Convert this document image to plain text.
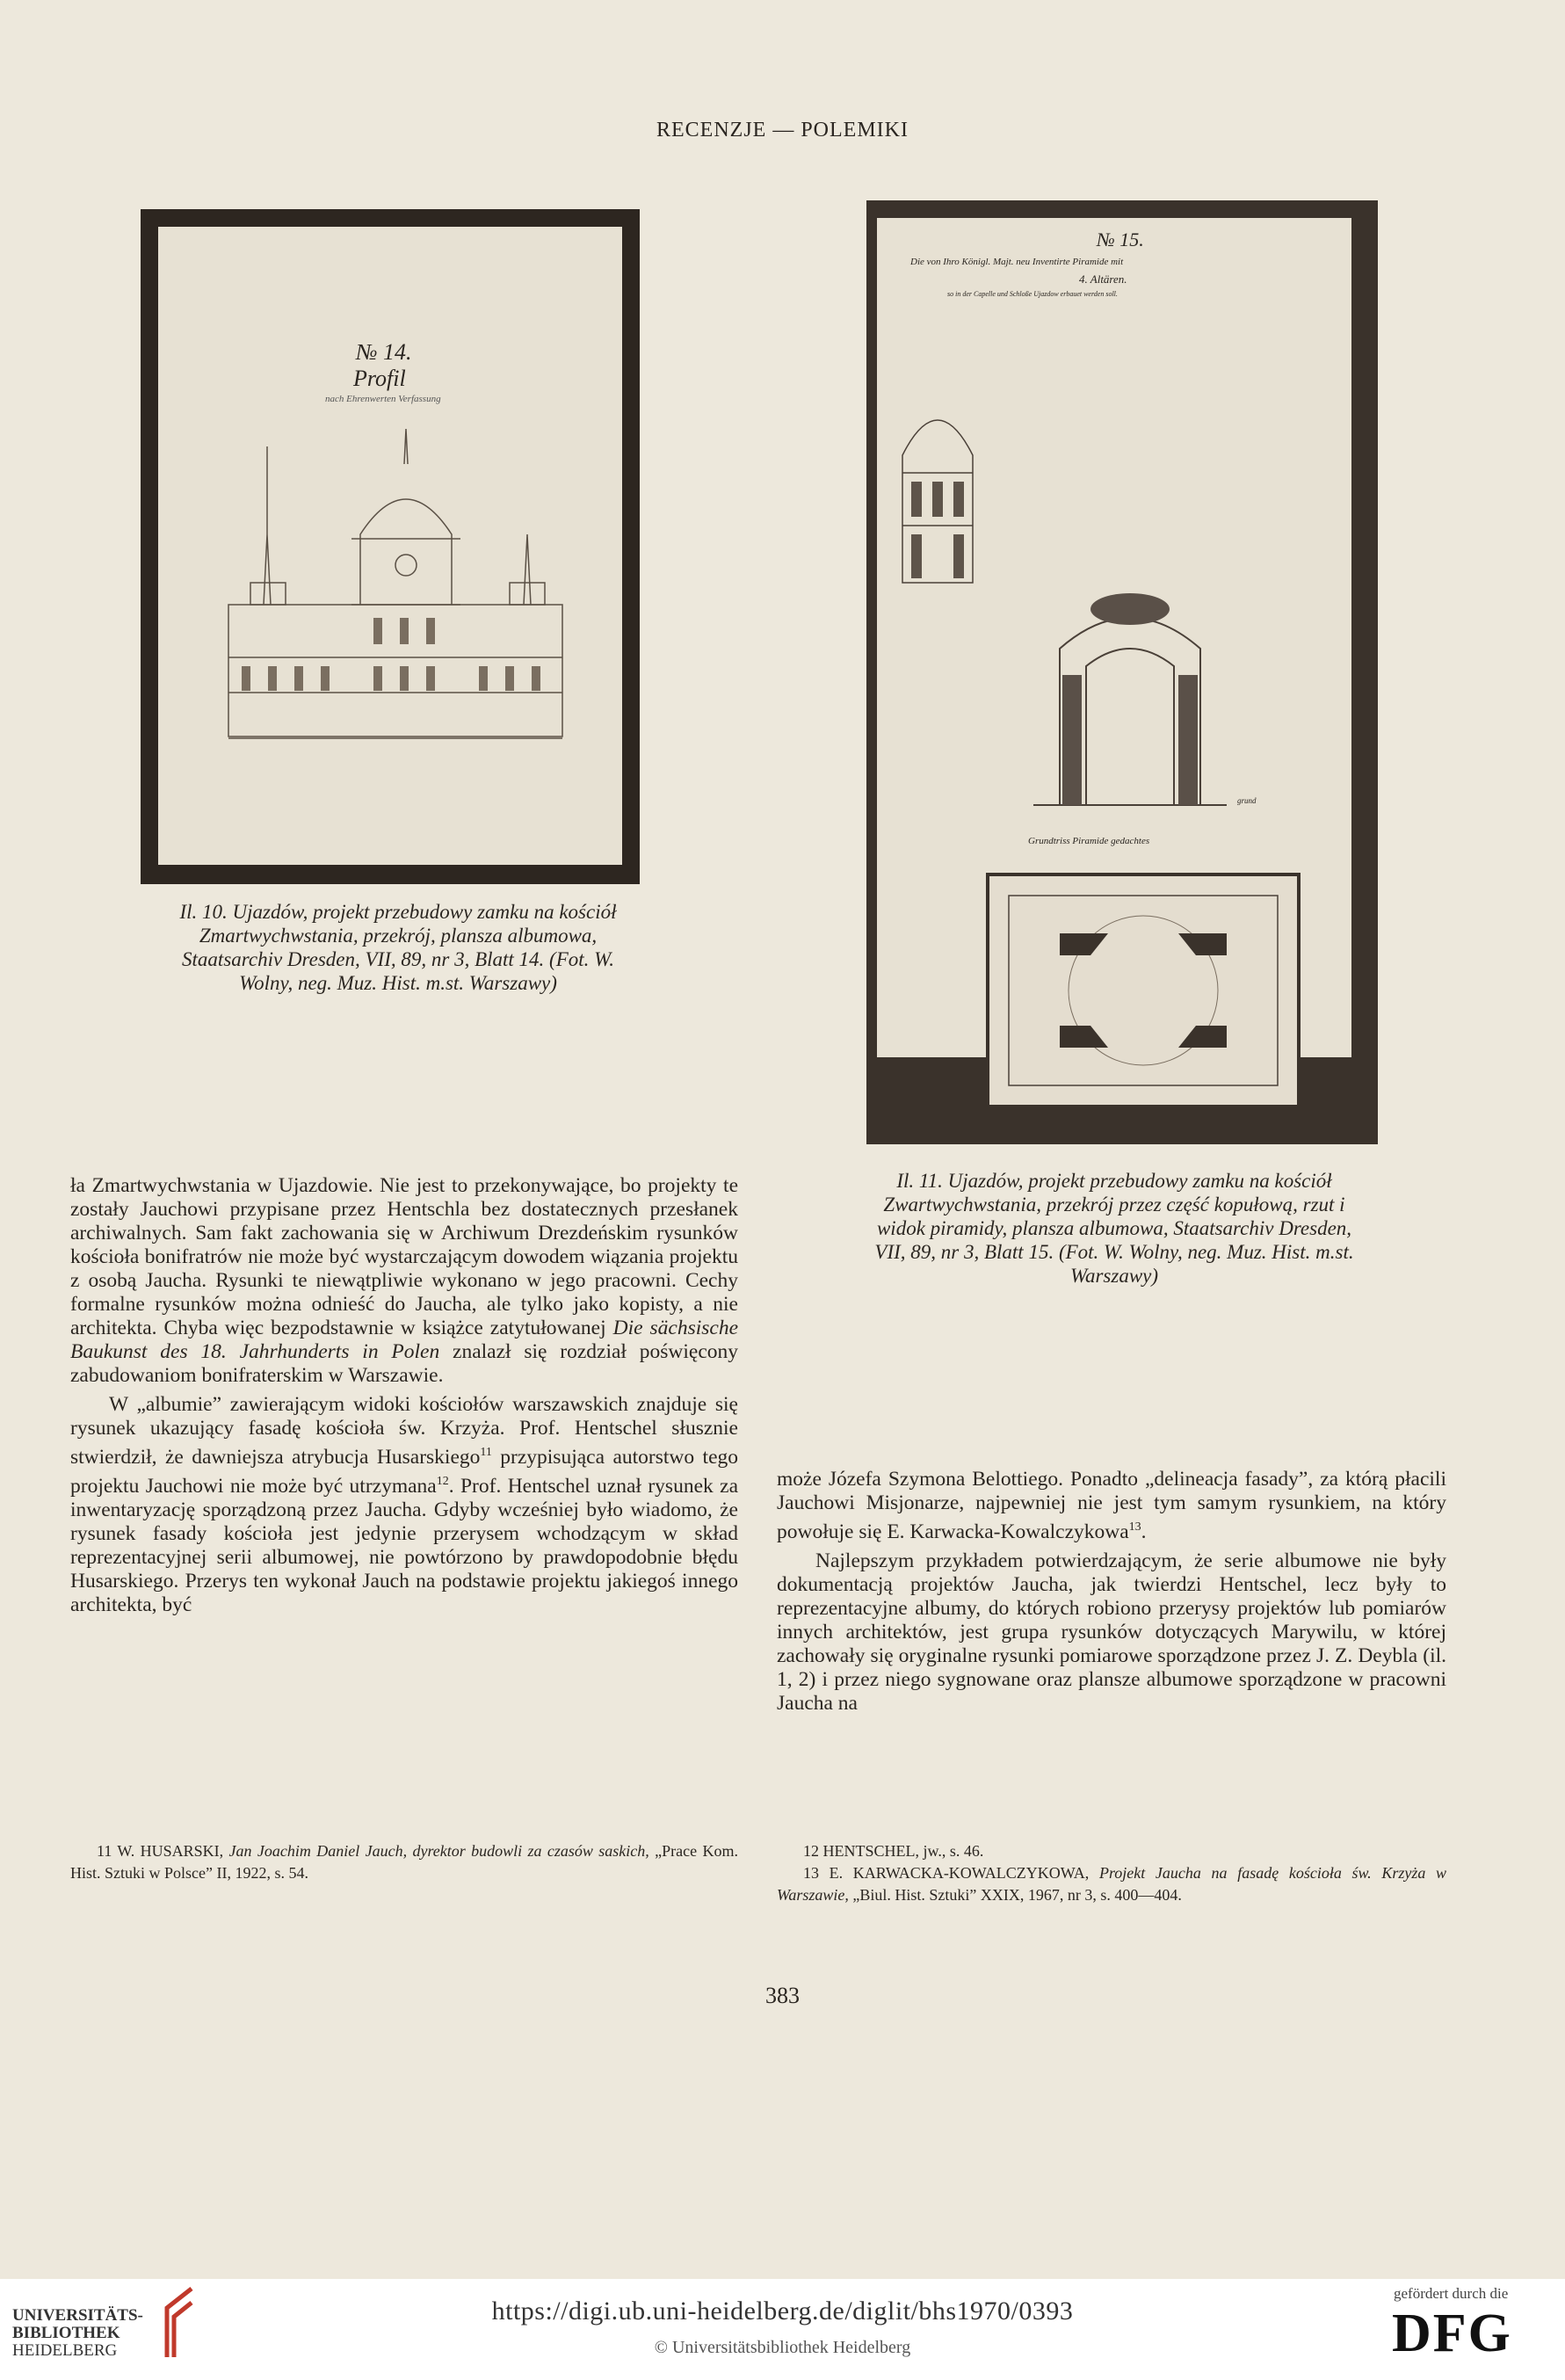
RECENZJE — POLEMIKI
№ 14.
Profil
nach Ehrenwerten Verfassung
Il. 10. Ujazdów, projekt przebudowy zamku na kościół Zmartwychwstania, przekrój, plansza albumowa, Staatsarchiv Dresden, VII, 89, nr 3, Blatt 14. (Fot. W. Wolny, neg. Muz. Hist. m.st. Warszawy)
№ 15.
Die von Ihro Königl. Majt. neu Inventirte Piramide mit
4. Altären.
so in der Capelle und Schloße Ujazdow erbauet werden soll.
grund
Grundtriss Piramide gedachtes
Il. 11. Ujazdów, projekt przebudowy zamku na kościół Zwartwychwstania, przekrój przez część kopułową, rzut i widok piramidy, plansza albumowa, Staatsarchiv Dresden, VII, 89, nr 3, Blatt 15. (Fot. W. Wolny, neg. Muz. Hist. m.st. Warszawy)

ła Zmartwychwstania w Ujazdowie. Nie jest to przekonywające, bo projekty te zostały Jauchowi przypisane przez Hentschla bez dostatecznych przesłanek archiwalnych. Sam fakt zachowania się w Archiwum Drezdeńskim rysunków kościoła bonifratrów nie może być wystarczającym dowodem wiązania projektu z osobą Jaucha. Rysunki te niewątpliwie wykonano w jego pracowni. Cechy formalne rysunków można odnieść do Jaucha, ale tylko jako kopisty, a nie architekta. Chyba więc bezpodstawnie w książce zatytułowanej Die sächsische Baukunst des 18. Jahrhunderts in Polen znalazł się rozdział poświęcony zabudowaniom bonifraterskim w Warszawie.

W „albumie” zawierającym widoki kościołów warszawskich znajduje się rysunek ukazujący fasadę kościoła św. Krzyża. Prof. Hentschel słusznie stwierdził, że dawniejsza atrybucja Husarskiego$^{11}$ przypisująca autorstwo tego projektu Jauchowi nie może być utrzymana$^{12}$. Prof. Hentschel uznał rysunek za inwentaryzację sporządzoną przez Jaucha. Gdyby wcześniej było wiadomo, że rysunek fasady kościoła jest jedynie przerysem wchodzącym w skład reprezentacyjnej serii albumowej, nie powtórzono by prawdopodobnie błędu Husarskiego. Przerys ten wykonał Jauch na podstawie projektu jakiegoś innego architekta, być

może Józefa Szymona Belottiego. Ponadto „delineacja fasady”, za którą płacili Jauchowi Misjonarze, najpewniej nie jest tym samym rysunkiem, na który powołuje się E. Karwacka-Kowalczykowa$^{13}$.

Najlepszym przykładem potwierdzającym, że serie albumowe nie były dokumentacją projektów Jaucha, jak twierdzi Hentschel, lecz były to reprezentacyjne albumy, do których robiono przerysy projektów lub pomiarów innych architektów, jest grupa rysunków dotyczących Marywilu, w której zachowały się oryginalne rysunki pomiarowe sporządzone przez J. Z. Deybla (il. 1, 2) i przez niego sygnowane oraz plansze albumowe sporządzone w pracowni Jaucha na

11 W. HUSARSKI, Jan Joachim Daniel Jauch, dyrektor budowli za czasów saskich, „Prace Kom. Hist. Sztuki w Polsce” II, 1922, s. 54.

12 HENTSCHEL, jw., s. 46.

13 E. KARWACKA-KOWALCZYKOWA, Projekt Jaucha na fasadę kościoła św. Krzyża w Warszawie, „Biul. Hist. Sztuki” XXIX, 1967, nr 3, s. 400—404.

383
UNIVERSITÄTS-
BIBLIOTHEK
HEIDELBERG
https://digi.ub.uni-heidelberg.de/diglit/bhs1970/0393
© Universitätsbibliothek Heidelberg
gefördert durch die
DFG
